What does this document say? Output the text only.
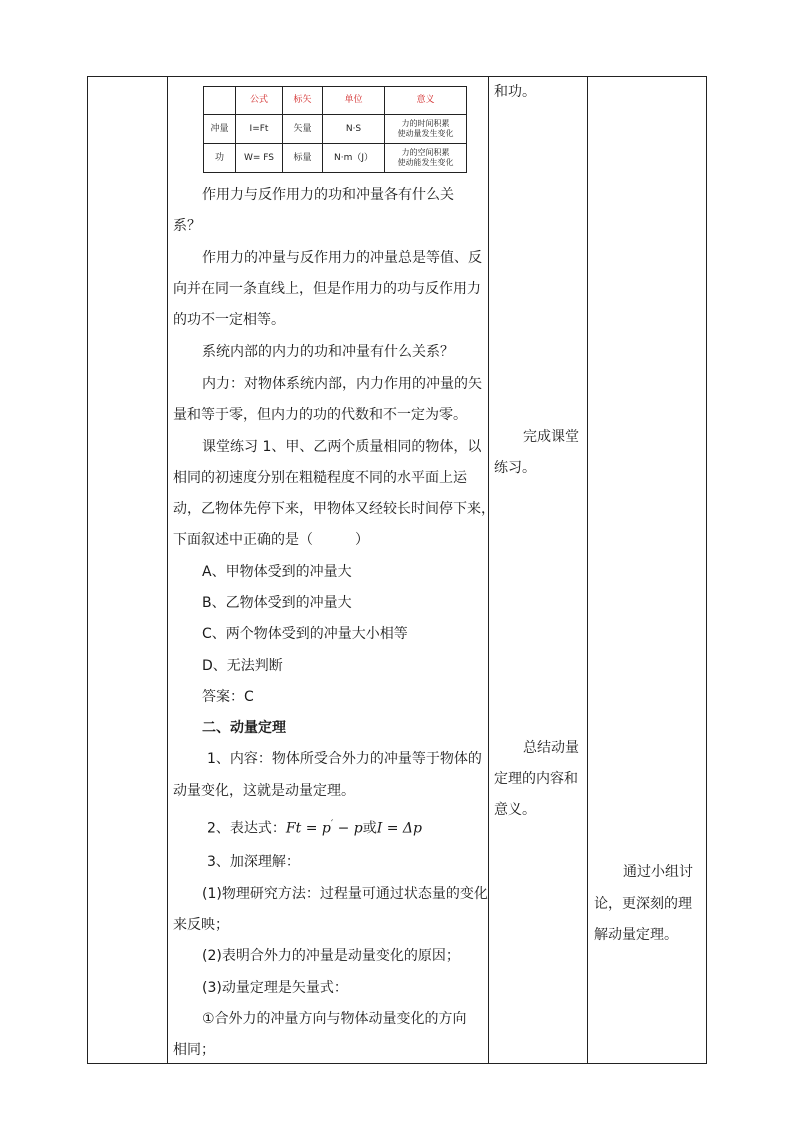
	公式	标矢	单位	意义
冲量	I=Ft	矢量	N·S	力的时间积累
使动量发生变化

功	W= FS	标量	N·m（J）	力的空间积累
使动能发生变化
作用力与反作用力的功和冲量各有什么关
系？
作用力的冲量与反作用力的冲量总是等值、反
向并在同一条直线上，但是作用力的功与反作用力
的功不一定相等。
系统内部的内力的功和冲量有什么关系？
内力：对物体系统内部，内力作用的冲量的矢
量和等于零，但内力的功的代数和不一定为零。
课堂练习 1、甲、乙两个质量相同的物体，以
相同的初速度分别在粗糙程度不同的水平面上运
动，乙物体先停下来，甲物体又经较长时间停下来，
下面叙述中正确的是（　　　）
A、甲物体受到的冲量大
B、乙物体受到的冲量大
C、两个物体受到的冲量大小相等
D、无法判断
答案：C
二、动量定理
1、内容：物体所受合外力的冲量等于物体的
动量变化，这就是动量定理。
2、表达式：Ft = p′ − p或I = Δp
3、加深理解：
(1)物理研究方法：过程量可通过状态量的变化
来反映；
(2)表明合外力的冲量是动量变化的原因；
(3)动量定理是矢量式：
①合外力的冲量方向与物体动量变化的方向
相同；
和功。
完成课堂
练习。
总结动量
定理的内容和
意义。
通过小组讨
论，更深刻的理
解动量定理。
